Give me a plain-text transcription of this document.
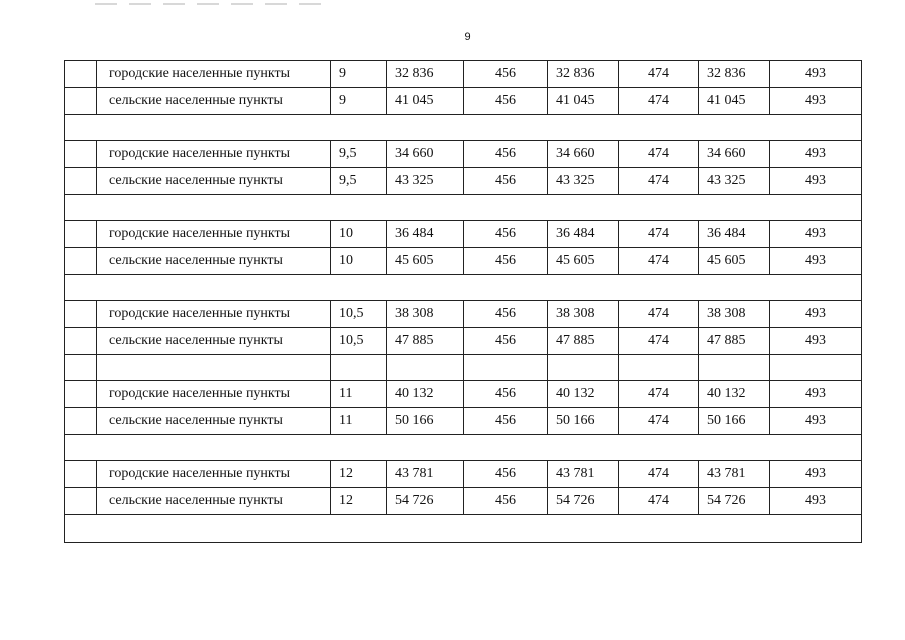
9
	городские населенные пункты	9	32 836	456	32 836	474	32 836	493
	сельские населенные пункты	9	41 045	456	41 045	474	41 045	493

	городские населенные пункты	9,5	34 660	456	34 660	474	34 660	493
	сельские населенные пункты	9,5	43 325	456	43 325	474	43 325	493

	городские населенные пункты	10	36 484	456	36 484	474	36 484	493
	сельские населенные пункты	10	45 605	456	45 605	474	45 605	493

	городские населенные пункты	10,5	38 308	456	38 308	474	38 308	493
	сельские населенные пункты	10,5	47 885	456	47 885	474	47 885	493

	городские населенные пункты	11	40 132	456	40 132	474	40 132	493
	сельские населенные пункты	11	50 166	456	50 166	474	50 166	493

	городские населенные пункты	12	43 781	456	43 781	474	43 781	493
	сельские населенные пункты	12	54 726	456	54 726	474	54 726	493
